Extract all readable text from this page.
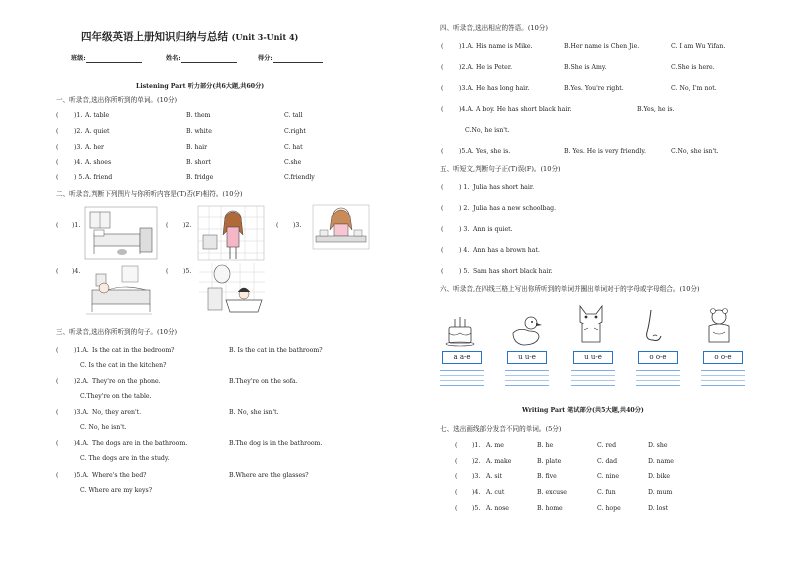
四年级英语上册知识归纳与总结 (Unit 3-Unit 4)
班级:	姓名:	得分:
Listening Part 听力部分(共6大题,共60分)
一、听录音,选出你所听到的单词。(10分)
(	)1. A. table	B. them	C. tall
(	)2. A. quiet	B. white	C.right
(	)3. A. her	B. hair	C. hat
(	)4. A. shoes	B. short	C.she
(	) 5. A. friend	B. fridge	C.friendly
二、听录音,判断下列图片与你所听内容是(T)否(F)相符。(10分)
( )1.	( )2.	( )3.
( )4.	( )5.
三、听录音,选出你所听到的句子。(10分)
(	)1.A. Is the cat in the bedroom?	B. Is the cat in the bathroom?
C. Is the cat in the kitchen?
(	)2.A. They're on the phone.	B.They're on the sofa.
C.They're on the table.
(	)3.A. No, they aren't.	B. No, she isn't.
C. No, he isn't.
(	)4.A. The dogs are in the bathroom.	B.The dog is in the bathroom.
C. The dogs are in the study.
(	)5.A. Where's the bed?	B.Where are the glasses?
C. Where are my keys?
四、听录音,选出相应的答语。(10分)
(	)1.A. His name is Mike.	B.Her name is Chen Jie.	C. I am Wu Yifan.
(	)2.A. He is Peter.	B.She is Amy.	C.She is here.
(	)3.A. He has long hair.	B.Yes. You're right.	C. No, I'm not.
(	)4.A. A boy. He has short black hair.	B.Yes, he is.
C.No, he isn't.
(	)5.A. Yes, she is.	B. Yes. He is very friendly.	C.No, she isn't.
五、听短文,判断句子正(T)误(F)。(10分)
(	) 1. Julia has short hair.
(	) 2. Julia has a new schoolbag.
(	) 3. Ann is quiet.
(	) 4. Ann has a brown hat.
(	) 5. Sam has short black hair.
六、听录音,在四线三格上写出你所听到的单词并圈出单词对于的字母或字母组合。(10分)
a a-e	u u-e	u u-e	o o-e	o o-e
Writing Part 笔试部分(共5大题,共40分)
七、选出画线部分发音不同的单词。(5分)
( )1. A. me	B. he	C. red	D. she
( )2. A. make	B. plate	C. dad	D. name
( )3. A. sit	B. five	C. nine	D. bike
( )4. A. cut	B. excuse	C. fun	D. mum
( )5. A. nose	B. home	C. hope	D. lost
